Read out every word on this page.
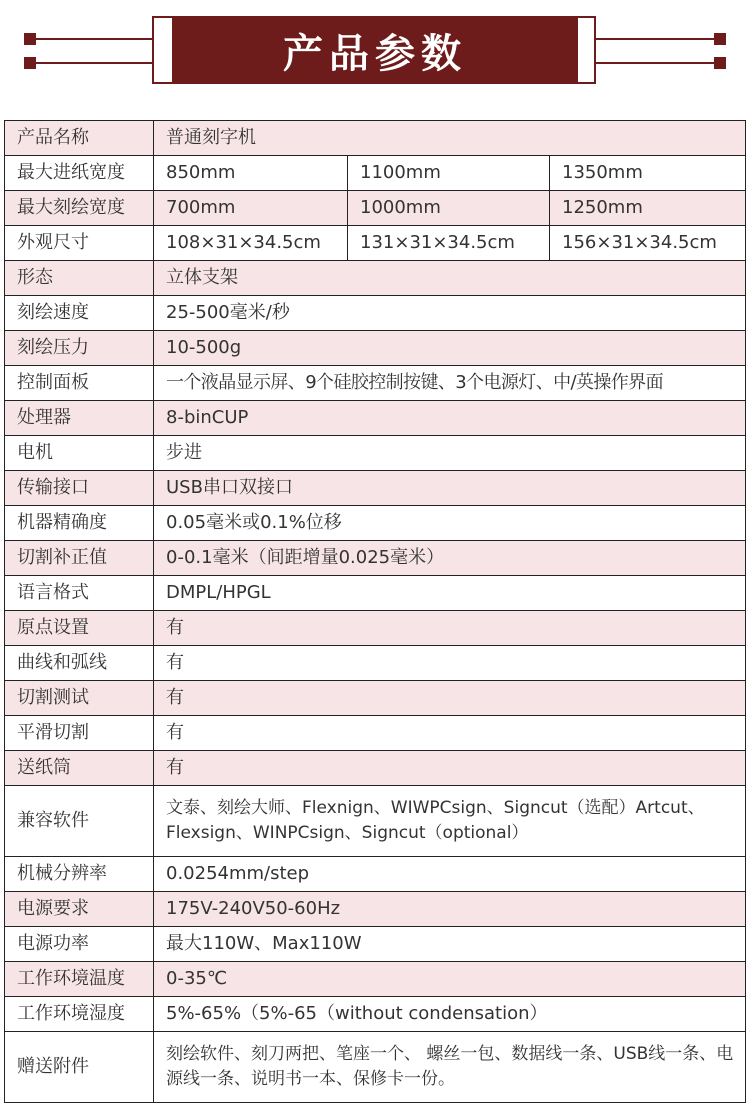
产品参数
产品名称	普通刻字机		
最大进纸宽度	850mm	1100mm	1350mm
最大刻绘宽度	700mm	1000mm	1250mm
外观尺寸	108×31×34.5cm	131×31×34.5cm	156×31×34.5cm
形态	立体支架		
刻绘速度	25-500毫米/秒		
刻绘压力	10-500g		
控制面板	一个液晶显示屏、9个硅胶控制按键、3个电源灯、中/英操作界面		
处理器	8-binCUP		
电机	步进		
传输接口	USB串口双接口		
机器精确度	0.05毫米或0.1%位移		
切割补正值	0-0.1毫米（间距增量0.025毫米）		
语言格式	DMPL/HPGL		
原点设置	有		
曲线和弧线	有		
切割测试	有		
平滑切割	有		
送纸筒	有		
兼容软件	文泰、刻绘大师、Flexnign、WIWPCsign、Signcut（选配）Artcut、Flexsign、WINPCsign、Signcut（optional）		
机械分辨率	0.0254mm/step		
电源要求	175V-240V50-60Hz		
电源功率	最大110W、Max110W		
工作环境温度	0-35℃		
工作环境湿度	5%-65%（5%-65（without condensation）		
赠送附件	刻绘软件、刻刀两把、笔座一个、 螺丝一包、数据线一条、USB线一条、电源线一条、说明书一本、保修卡一份。		
